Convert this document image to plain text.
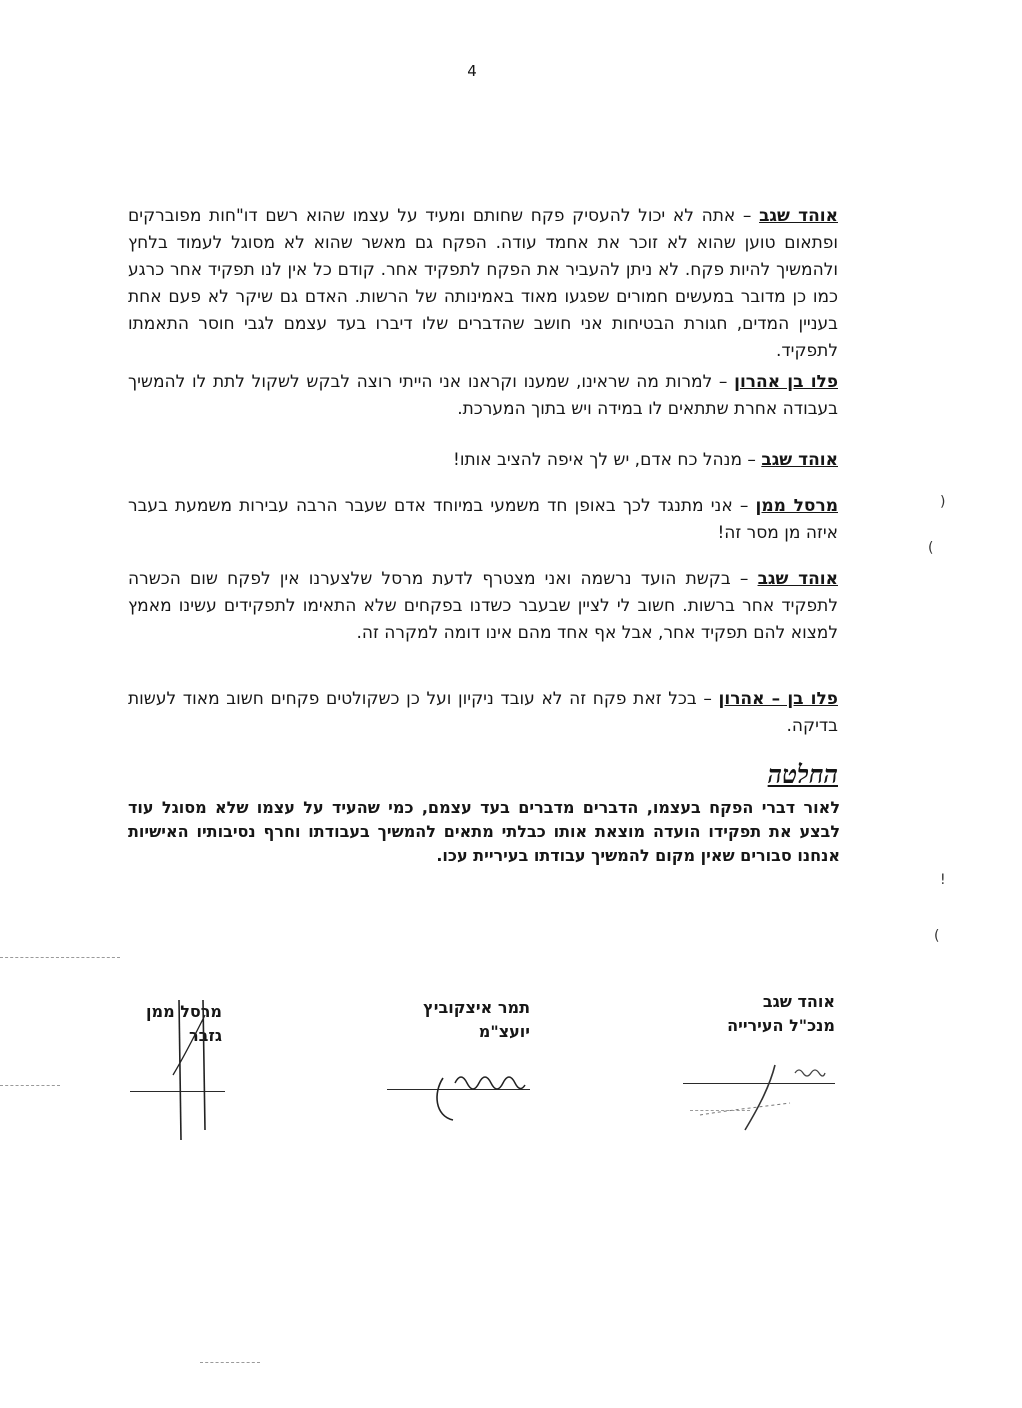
4
אוהד שגב – אתה לא יכול להעסיק פקח שחותם ומעיד על עצמו שהוא רשם דו"חות מפוברקים ופתאום טוען שהוא לא זוכר את אחמד עודה. הפקח גם מאשר שהוא לא מסוגל לעמוד בלחץ ולהמשיך להיות פקח. לא ניתן להעביר את הפקח לתפקיד אחר. קודם כל אין לנו תפקיד אחר כרגע כמו כן מדובר במעשים חמורים שפגעו מאוד באמינותה של הרשות. האדם גם שיקר לא פעם אחת בעניין המדים, חגורת הבטיחות אני חושב שהדברים שלו דיברו בעד עצמם לגבי חוסר התאמתו לתפקיד.
פלו בן אהרון – למרות מה שראינו, שמענו וקראנו אני הייתי רוצה לבקש לשקול לתת לו להמשיך בעבודה אחרת שתתאים לו במידה ויש בתוך המערכת.
אוהד שגב – מנהל כח אדם, יש לך איפה להציב אותו!
מרסל ממן – אני מתנגד לכך באופן חד משמעי במיוחד אדם שעבר הרבה עבירות משמעת בעבר איזה מן מסר זה!
אוהד שגב – בקשת הועד נרשמה ואני מצטרף לדעת מרסל שלצערנו אין לפקח שום הכשרה לתפקיד אחר ברשות. חשוב לי לציין שבעבר כשדנו בפקחים שלא התאימו לתפקידים עשינו מאמץ למצוא להם תפקיד אחר, אבל אף אחד מהם אינו דומה למקרה זה.
פלו בן – אהרון – בכל זאת פקח זה לא עובד ניקיון ועל כן כשקולטים פקחים חשוב מאוד לעשות בדיקה.
החלטה
לאור דברי הפקח בעצמו, הדברים מדברים בעד עצמם, כמי שהעיד על עצמו שלא מסוגל עוד לבצע את תפקידו הועדה מוצאת אותו כבלתי מתאים להמשיך בעבודתו וחרף נסיבותיו האישיות אנחנו סבורים שאין מקום להמשיך עבודתו בעיריית עכו.
אוהד שגב
מנכ"ל העירייה
תמר איצקוביץ
יועצ"מ
מרסל ממן
גזבר
)
(
!
(
